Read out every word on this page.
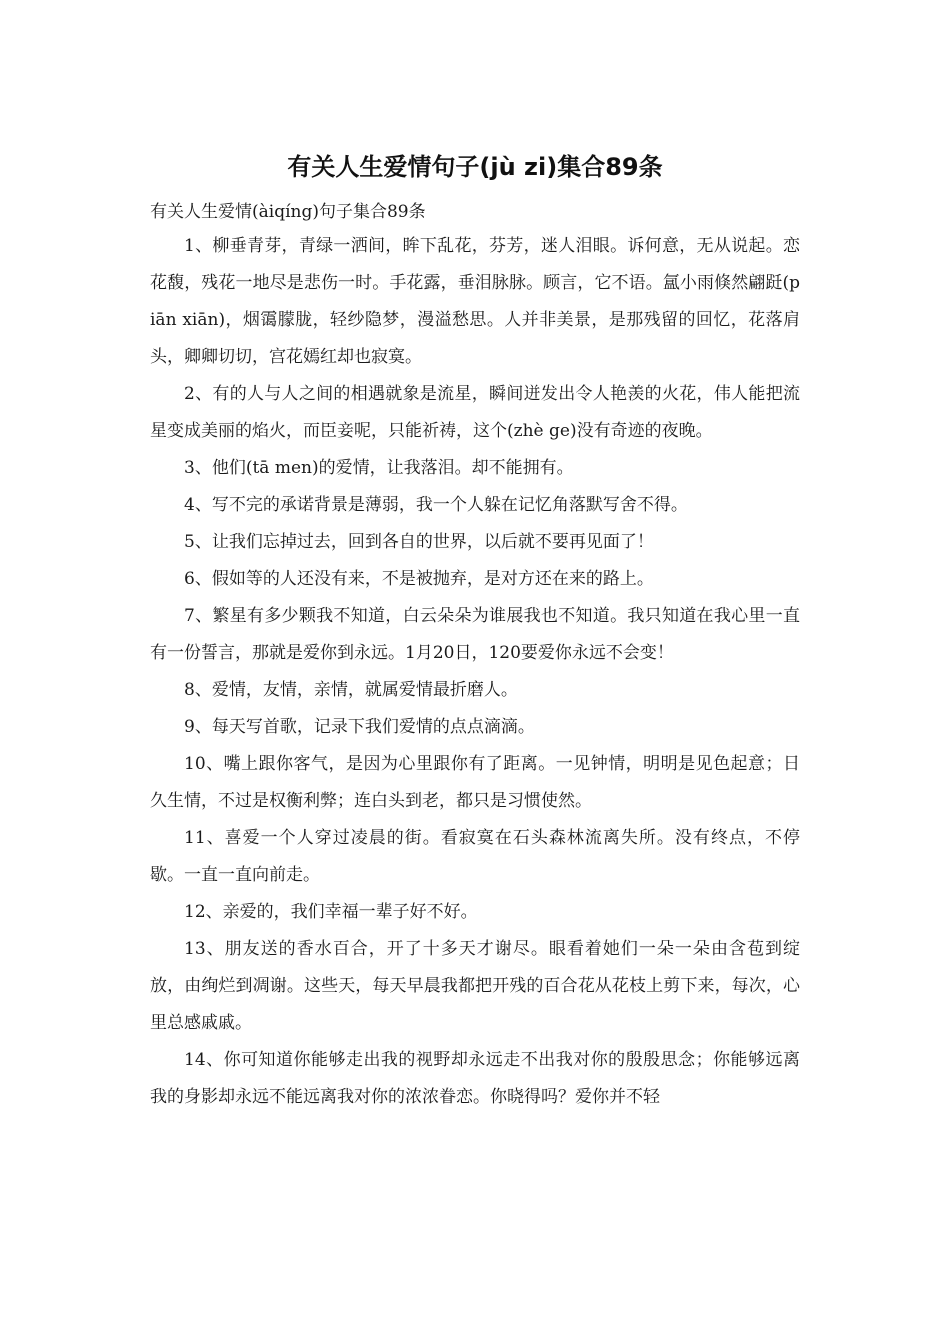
有关人生爱情句子(jù zi)集合89条

有关人生爱情(àiqíng)句子集合89条

1、柳垂青芽，青绿一洒间，眸下乱花，芬芳，迷人泪眼。诉何意，无从说起。恋花馥，残花一地尽是悲伤一时。手花露，垂泪脉脉。顾言，它不语。氲小雨倏然翩跹(piān xiān)，烟霭朦胧，轻纱隐梦，漫溢愁思。人并非美景，是那残留的回忆，花落肩头，卿卿切切，宫花嫣红却也寂寞。

2、有的人与人之间的相遇就象是流星，瞬间迸发出令人艳羡的火花，伟人能把流星变成美丽的焰火，而臣妾呢，只能祈祷，这个(zhè ge)没有奇迹的夜晚。

3、他们(tā men)的爱情，让我落泪。却不能拥有。

4、写不完的承诺背景是薄弱，我一个人躲在记忆角落默写舍不得。

5、让我们忘掉过去，回到各自的世界，以后就不要再见面了！

6、假如等的人还没有来，不是被抛弃，是对方还在来的路上。

7、繁星有多少颗我不知道，白云朵朵为谁展我也不知道。我只知道在我心里一直有一份誓言，那就是爱你到永远。1月20日，120要爱你永远不会变！

8、爱情，友情，亲情，就属爱情最折磨人。

9、每天写首歌，记录下我们爱情的点点滴滴。

10、嘴上跟你客气，是因为心里跟你有了距离。一见钟情，明明是见色起意；日久生情，不过是权衡利弊；连白头到老，都只是习惯使然。

11、喜爱一个人穿过凌晨的街。看寂寞在石头森林流离失所。没有终点，不停歇。一直一直向前走。

12、亲爱的，我们幸福一辈子好不好。

13、朋友送的香水百合，开了十多天才谢尽。眼看着她们一朵一朵由含苞到绽放，由绚烂到凋谢。这些天，每天早晨我都把开残的百合花从花枝上剪下来，每次，心里总感戚戚。

14、你可知道你能够走出我的视野却永远走不出我对你的殷殷思念；你能够远离我的身影却永远不能远离我对你的浓浓眷恋。你晓得吗？爱你并不轻
